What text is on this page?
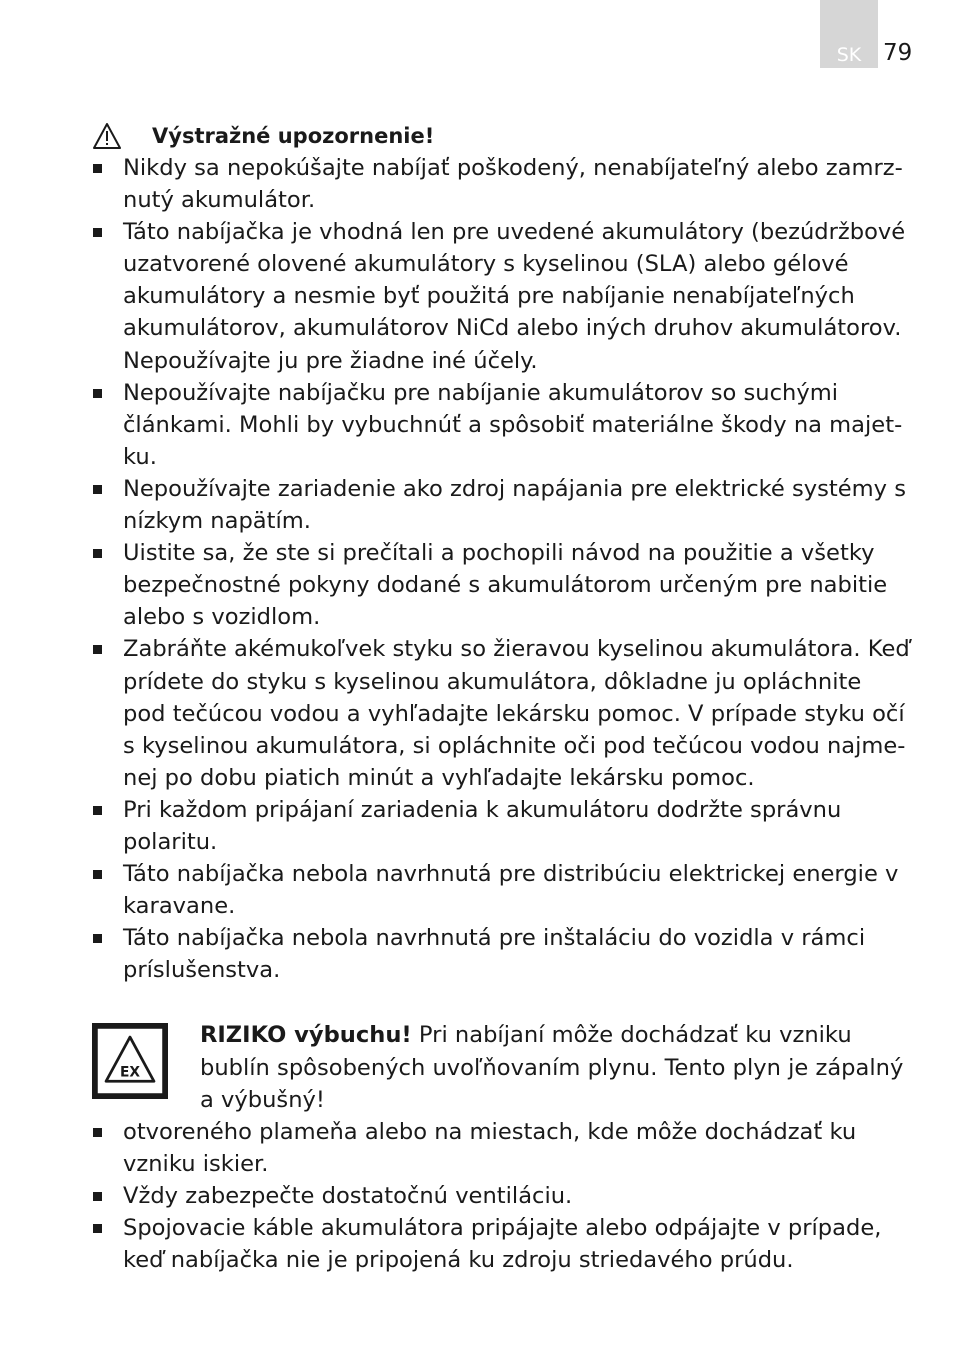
SK 79
Výstražné upozornenie!
Nikdy sa nepokúšajte nabíjať poškodený, nenabíjateľný alebo zamrz-nutý akumulátor.
Táto nabíjačka je vhodná len pre uvedené akumulátory (bezúdržbové uzatvorené olovené akumulátory s kyselinou (SLA) alebo gélové akumulátory a nesmie byť použitá pre nabíjanie nenabíjateľných akumulátorov, akumulátorov NiCd alebo iných druhov akumulátorov. Nepoužívajte ju pre žiadne iné účely.
Nepoužívajte nabíjačku pre nabíjanie akumulátorov so suchými článkami. Mohli by vybuchnúť a spôsobiť materiálne škody na majet-ku.
Nepoužívajte zariadenie ako zdroj napájania pre elektrické systémy s nízkym napätím.
Uistite sa, že ste si prečítali a pochopili návod na použitie a všetky bezpečnostné pokyny dodané s akumulátorom určeným pre nabitie alebo s vozidlom.
Zabráňte akémukoľvek styku so žieravou kyselinou akumulátora. Keď prídete do styku s kyselinou akumulátora, dôkladne ju opláchnite pod tečúcou vodou a vyhľadajte lekársku pomoc. V prípade styku očí s kyselinou akumulátora, si opláchnite oči pod tečúcou vodou najme-nej po dobu piatich minút a vyhľadajte lekársku pomoc.
Pri každom pripájaní zariadenia k akumulátoru dodržte správnu polaritu.
Táto nabíjačka nebola navrhnutá pre distribúciu elektrickej energie v karavane.
Táto nabíjačka nebola navrhnutá pre inštaláciu do vozidla v rámci príslušenstva.
EX
RIZIKO výbuchu! Pri nabíjaní môže dochádzať ku vzniku bublín spôsobených uvoľňovaním plynu. Tento plyn je zápalný a výbušný!
otvoreného plameňa alebo na miestach, kde môže dochádzať ku vzniku iskier.
Vždy zabezpečte dostatočnú ventiláciu.
Spojovacie káble akumulátora pripájajte alebo odpájajte v prípade, keď nabíjačka nie je pripojená ku zdroju striedavého prúdu.
